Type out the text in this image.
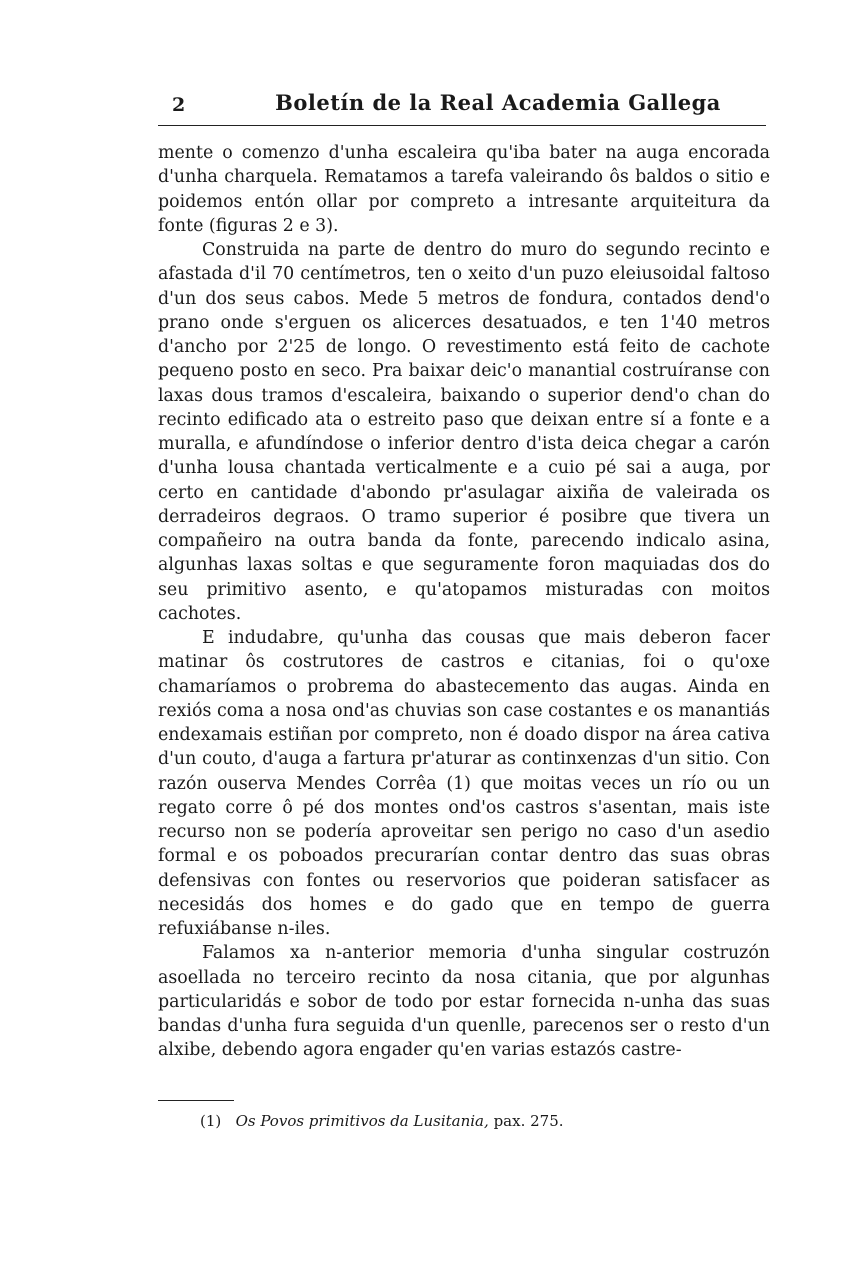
2	Boletín de la Real Academia Gallega

mente o comenzo d'unha escaleira qu'iba bater na auga encorada d'unha charquela. Rematamos a tarefa valeirando ôs baldos o sitio e poidemos entón ollar por compreto a intresante arquiteitura da fonte (figuras 2 e 3).

Construida na parte de dentro do muro do segundo recinto e afastada d'il 70 centímetros, ten o xeito d'un puzo eleiusoidal faltoso d'un dos seus cabos. Mede 5 metros de fondura, contados dend'o prano onde s'erguen os alicerces desatuados, e ten 1'40 metros d'ancho por 2'25 de longo. O revestimento está feito de cachote pequeno posto en seco. Pra baixar deic'o manantial costruíranse con laxas dous tramos d'escaleira, baixando o superior dend'o chan do recinto edificado ata o estreito paso que deixan entre sí a fonte e a muralla, e afundíndose o inferior dentro d'ista deica chegar a carón d'unha lousa chantada verticalmente e a cuio pé sai a auga, por certo en cantidade d'abondo pr'asulagar aixiña de valeirada os derradeiros degraos. O tramo superior é posibre que tivera un compañeiro na outra banda da fonte, parecendo indicalo asina, algunhas laxas soltas e que seguramente foron maquiadas dos do seu primitivo asento, e qu'atopamos misturadas con moitos cachotes.

E indudabre, qu'unha das cousas que mais deberon facer matinar ôs costrutores de castros e citanias, foi o qu'oxe chamaríamos o probrema do abastecemento das augas. Ainda en rexiós coma a nosa ond'as chuvias son case costantes e os manantiás endexamais estiñan por compreto, non é doado dispor na área cativa d'un couto, d'auga a fartura pr'aturar as continxenzas d'un sitio. Con razón ouserva Mendes Corrêa (1) que moitas veces un río ou un regato corre ô pé dos montes ond'os castros s'asentan, mais iste recurso non se podería aproveitar sen perigo no caso d'un asedio formal e os poboados precurarían contar dentro das suas obras defensivas con fontes ou reservorios que poideran satisfacer as necesidás dos homes e do gado que en tempo de guerra refuxiábanse n-iles.

Falamos xa n-anterior memoria d'unha singular costruzón asoellada no terceiro recinto da nosa citania, que por algunhas particularidás e sobor de todo por estar fornecida n-unha das suas bandas d'unha fura seguida d'un quenlle, parecenos ser o resto d'un alxibe, debendo agora engader qu'en varias estazós castre-

(1) Os Povos primitivos da Lusitania, pax. 275.
